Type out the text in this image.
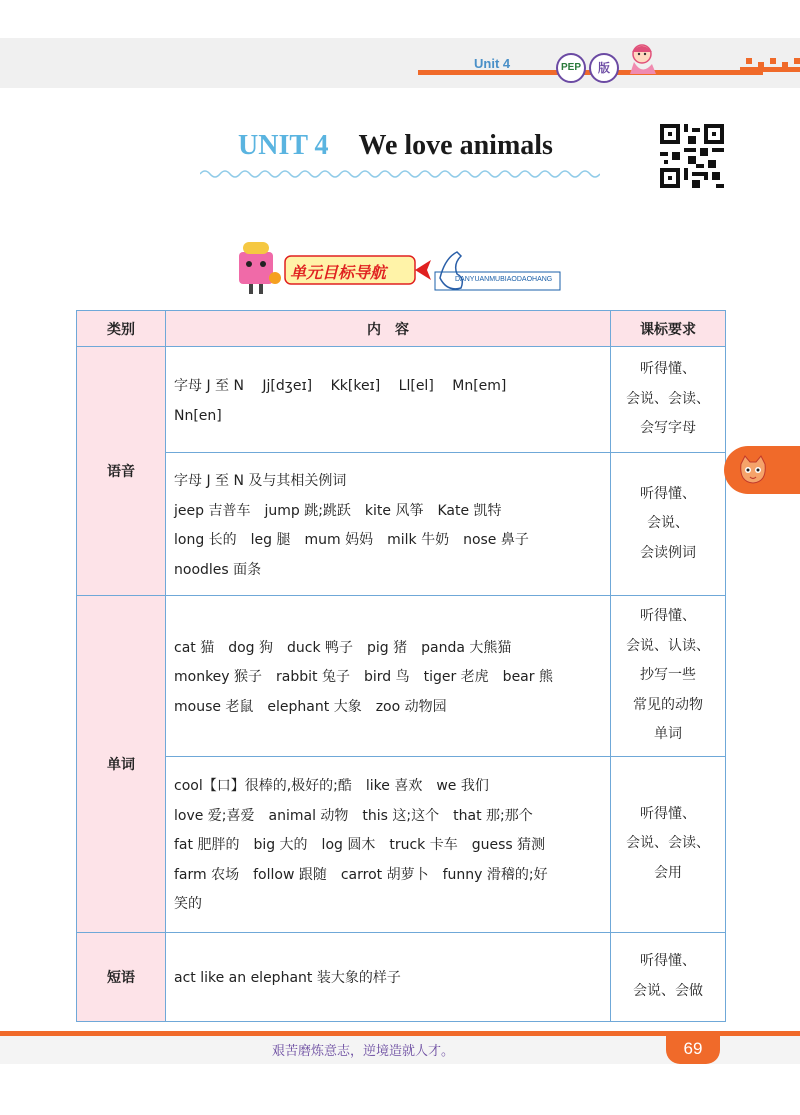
Unit 4	PEP	版
UNIT 4 We love animals
单元目标导航	DANYUANMUBIAODAOHANG
类别	内　容	课标要求
语音	字母 J 至 N　 Jj[dʒeɪ]　 Kk[keɪ]　 Ll[el]　 Mn[em]
Nn[en]	听得懂、
会说、会读、
会写字母

	字母 J 至 N 及与其相关例词
jeep 吉普车　jump 跳;跳跃　kite 风筝　Kate 凯特
long 长的　leg 腿　mum 妈妈　milk 牛奶　nose 鼻子
noodles 面条	听得懂、
会说、
会读例词

单词	cat 猫　dog 狗　duck 鸭子　pig 猪　panda 大熊猫
monkey 猴子　rabbit 兔子　bird 鸟　tiger 老虎　bear 熊
mouse 老鼠　elephant 大象　zoo 动物园	听得懂、
会说、认读、
抄写一些
常见的动物
单词

	cool【口】很棒的,极好的;酷　like 喜欢　we 我们
love 爱;喜爱　animal 动物　this 这;这个　that 那;那个
fat 肥胖的　big 大的　log 圆木　truck 卡车　guess 猜测
farm 农场　follow 跟随　carrot 胡萝卜　funny 滑稽的;好
笑的	听得懂、
会说、会读、
会用

短语	act like an elephant 装大象的样子	听得懂、
会说、会做
艰苦磨炼意志，逆境造就人才。	69
